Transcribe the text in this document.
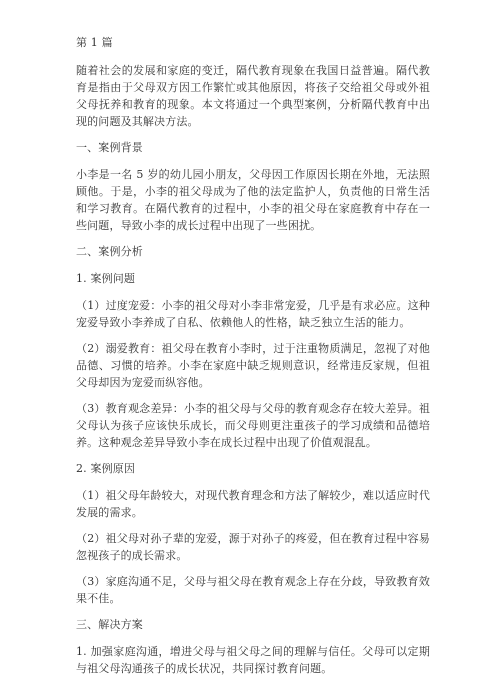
第 1 篇

随着社会的发展和家庭的变迁，隔代教育现象在我国日益普遍。隔代教育是指由于父母双方因工作繁忙或其他原因，将孩子交给祖父母或外祖父母抚养和教育的现象。本文将通过一个典型案例，分析隔代教育中出现的问题及其解决方法。

一、案例背景

小李是一名 5 岁的幼儿园小朋友，父母因工作原因长期在外地，无法照顾他。于是，小李的祖父母成为了他的法定监护人，负责他的日常生活和学习教育。在隔代教育的过程中，小李的祖父母在家庭教育中存在一些问题，导致小李的成长过程中出现了一些困扰。

二、案例分析

1. 案例问题

（1）过度宠爱：小李的祖父母对小李非常宠爱，几乎是有求必应。这种宠爱导致小李养成了自私、依赖他人的性格，缺乏独立生活的能力。

（2）溺爱教育：祖父母在教育小李时，过于注重物质满足，忽视了对他品德、习惯的培养。小李在家庭中缺乏规则意识，经常违反家规，但祖父母却因为宠爱而纵容他。

（3）教育观念差异：小李的祖父母与父母的教育观念存在较大差异。祖父母认为孩子应该快乐成长，而父母则更注重孩子的学习成绩和品德培养。这种观念差异导致小李在成长过程中出现了价值观混乱。

2. 案例原因

（1）祖父母年龄较大，对现代教育理念和方法了解较少，难以适应时代发展的需求。

（2）祖父母对孙子辈的宠爱，源于对孙子的疼爱，但在教育过程中容易忽视孩子的成长需求。

（3）家庭沟通不足，父母与祖父母在教育观念上存在分歧，导致教育效果不佳。

三、解决方案

1. 加强家庭沟通，增进父母与祖父母之间的理解与信任。父母可以定期与祖父母沟通孩子的成长状况，共同探讨教育问题。
